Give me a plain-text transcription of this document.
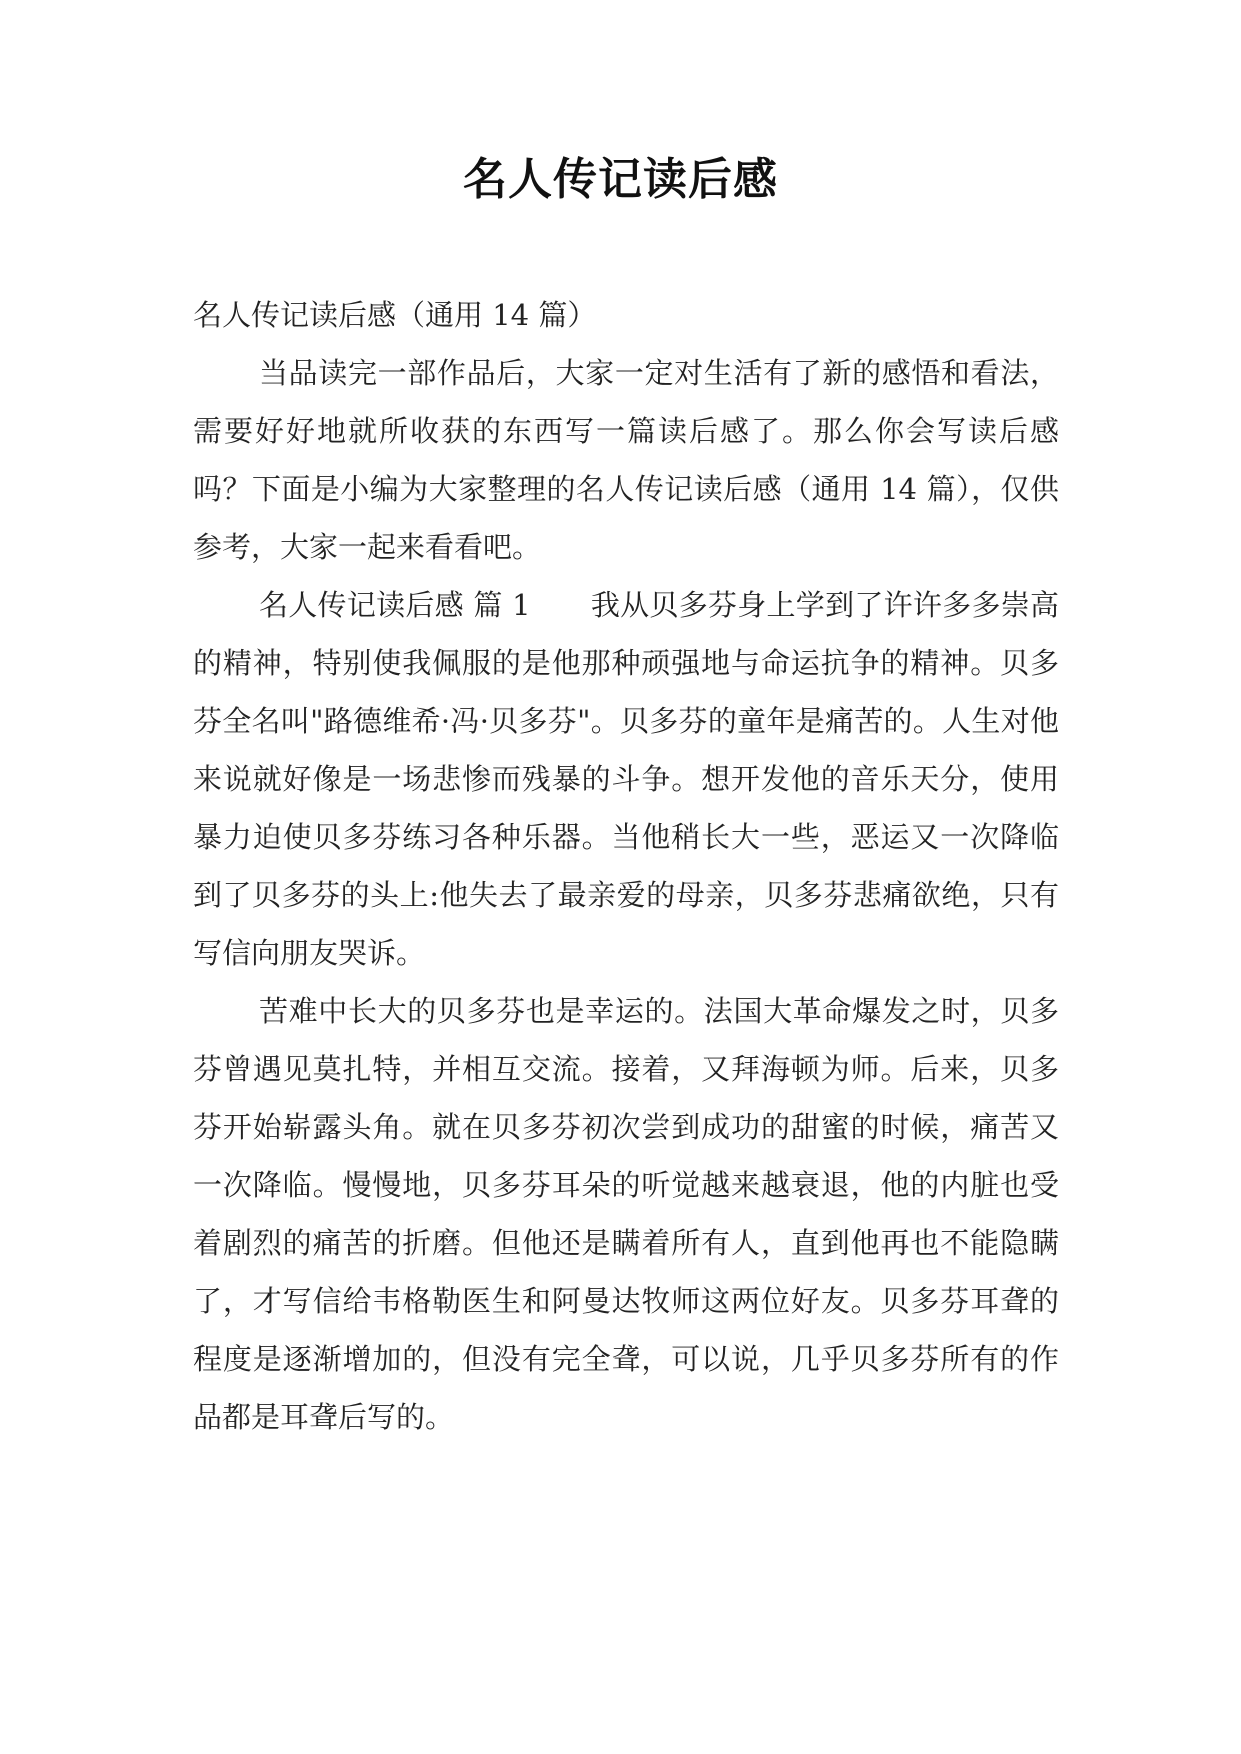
名人传记读后感

名人传记读后感（通用 14 篇）

当品读完一部作品后，大家一定对生活有了新的感悟和看法，需要好好地就所收获的东西写一篇读后感了。那么你会写读后感吗？下面是小编为大家整理的名人传记读后感（通用 14 篇），仅供参考，大家一起来看看吧。

名人传记读后感 篇 1 我从贝多芬身上学到了许许多多崇高的精神，特别使我佩服的是他那种顽强地与命运抗争的精神。贝多芬全名叫"路德维希·冯·贝多芬"。贝多芬的童年是痛苦的。人生对他来说就好像是一场悲惨而残暴的斗争。想开发他的音乐天分，使用暴力迫使贝多芬练习各种乐器。当他稍长大一些，恶运又一次降临到了贝多芬的头上:他失去了最亲爱的母亲，贝多芬悲痛欲绝，只有写信向朋友哭诉。

苦难中长大的贝多芬也是幸运的。法国大革命爆发之时，贝多芬曾遇见莫扎特，并相互交流。接着，又拜海顿为师。后来，贝多芬开始崭露头角。就在贝多芬初次尝到成功的甜蜜的时候，痛苦又一次降临。慢慢地，贝多芬耳朵的听觉越来越衰退，他的内脏也受着剧烈的痛苦的折磨。但他还是瞒着所有人，直到他再也不能隐瞒了，才写信给韦格勒医生和阿曼达牧师这两位好友。贝多芬耳聋的程度是逐渐增加的，但没有完全聋，可以说，几乎贝多芬所有的作品都是耳聋后写的。
